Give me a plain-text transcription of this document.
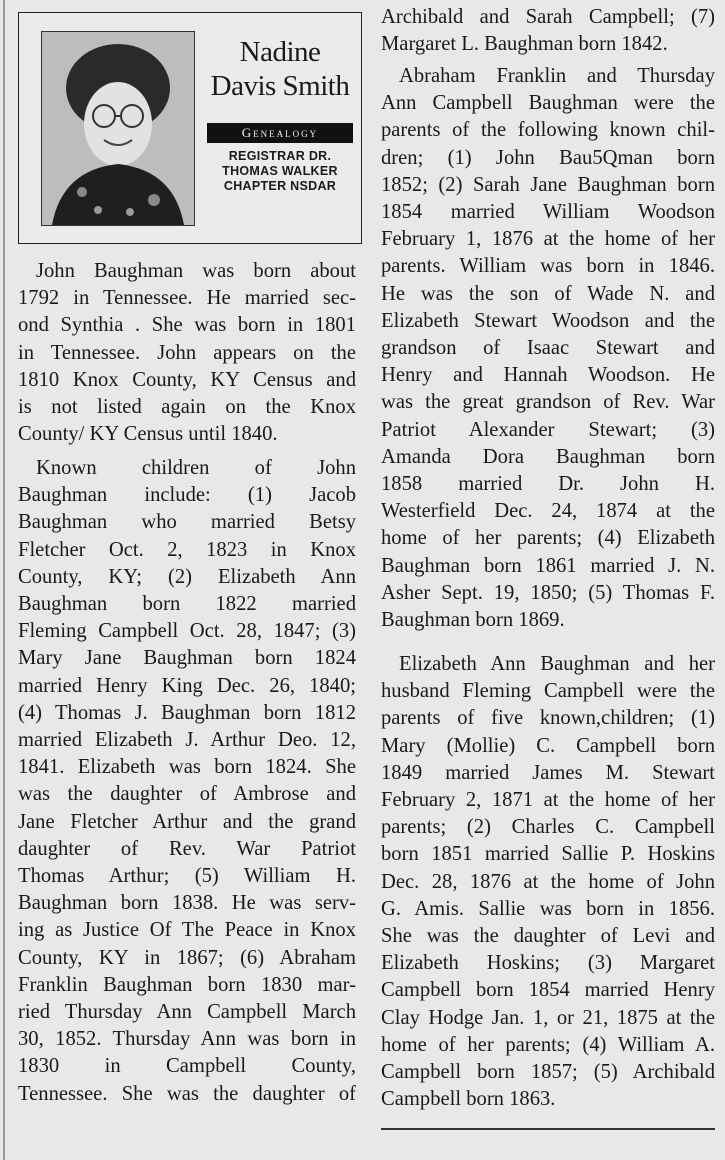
Nadine Davis Smith
Genealogy
REGISTRAR DR. THOMAS WALKER CHAPTER NSDAR

John Baughman was born about

1792 in Tennessee. He married sec-

ond Synthia . She was born in 1801

in Tennessee. John appears on the

1810 Knox County, KY Census and

is not listed again on the Knox

County/ KY Census until 1840.

Known children of John

Baughman include: (1) Jacob

Baughman who married Betsy

Fletcher Oct. 2, 1823 in Knox

County, KY; (2) Elizabeth Ann

Baughman born 1822 married

Fleming Campbell Oct. 28, 1847; (3)

Mary Jane Baughman born 1824

married Henry King Dec. 26, 1840;

(4) Thomas J. Baughman born 1812

married Elizabeth J. Arthur Deo. 12,

1841. Elizabeth was born 1824. She

was the daughter of Ambrose and

Jane Fletcher Arthur and the grand

daughter of Rev. War Patriot

Thomas Arthur; (5) William H.

Baughman born 1838. He was serv-

ing as Justice Of The Peace in Knox

County, KY in 1867; (6) Abraham

Franklin Baughman born 1830 mar-

ried Thursday Ann Campbell March

30, 1852. Thursday Ann was born in

1830 in Campbell County,

Tennessee. She was the daughter of

Archibald and Sarah Campbell; (7)

Margaret L. Baughman born 1842.

Abraham Franklin and Thursday

Ann Campbell Baughman were the

parents of the following known chil-

dren; (1) John Bau5Qman born

1852; (2) Sarah Jane Baughman born

1854 married William Woodson

February 1, 1876 at the home of her

parents. William was born in 1846.

He was the son of Wade N. and

Elizabeth Stewart Woodson and the

grandson of Isaac Stewart and

Henry and Hannah Woodson. He

was the great grandson of Rev. War

Patriot Alexander Stewart; (3)

Amanda Dora Baughman born

1858 married Dr. John H.

Westerfield Dec. 24, 1874 at the

home of her parents; (4) Elizabeth

Baughman born 1861 married J. N.

Asher Sept. 19, 1850; (5) Thomas F.

Baughman born 1869.

Elizabeth Ann Baughman and her

husband Fleming Campbell were the

parents of five known,children; (1)

Mary (Mollie) C. Campbell born

1849 married James M. Stewart

February 2, 1871 at the home of her

parents; (2) Charles C. Campbell

born 1851 married Sallie P. Hoskins

Dec. 28, 1876 at the home of John

G. Amis. Sallie was born in 1856.

She was the daughter of Levi and

Elizabeth Hoskins; (3) Margaret

Campbell born 1854 married Henry

Clay Hodge Jan. 1, or 21, 1875 at the

home of her parents; (4) William A.

Campbell born 1857; (5) Archibald

Campbell born 1863.
